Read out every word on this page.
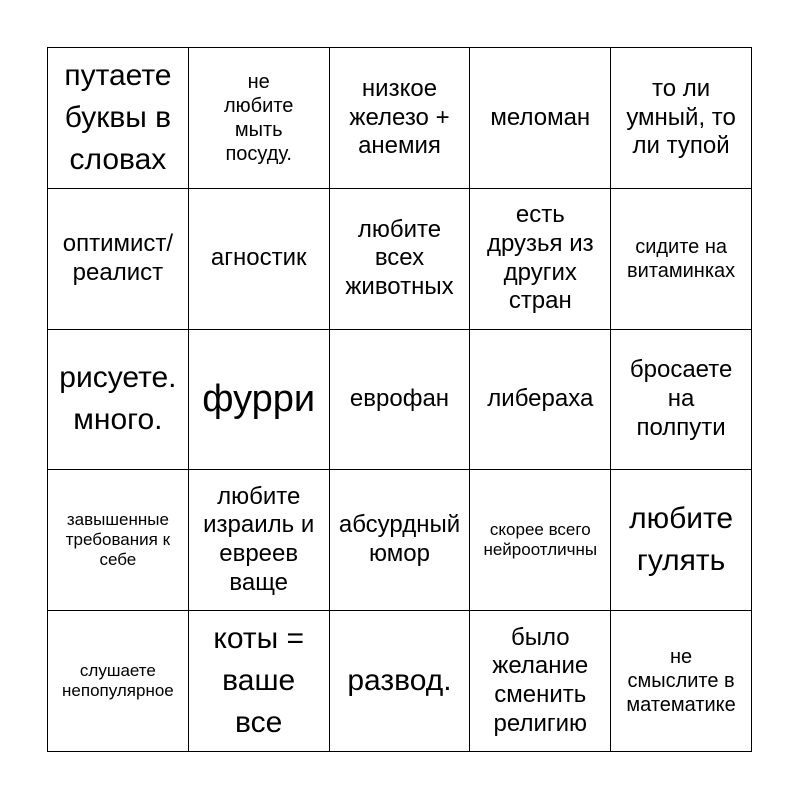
путаете
буквы в
словах
не
любите
мыть
посуду.
низкое
железо +
анемия
меломан
то ли
умный, то
ли тупой
оптимист/
реалист
агностик
любите
всех
животных
есть
друзья из
других
стран
сидите на
витаминках
рисуете.
много.
фурри еврофан либераха
бросаете
на
полпути
завышенные
требования к
себе
любите
израиль и
евреев
ваще
абсурдный
юмор
скорее всего
нейроотличны
любите
гулять
слушаете
непопулярное
коты =
ваше
все
развод.
было
желание
сменить
религию
не
смыслите в
математике
